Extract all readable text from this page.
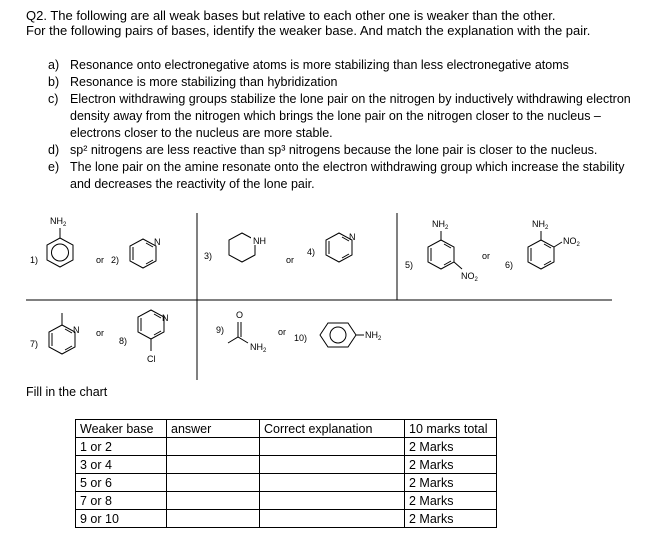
Q2. The following are all weak bases but relative to each other one is weaker than the other.
For the following pairs of bases, identify the weaker base. And match the explanation with the pair.
a) Resonance onto electronegative atoms is more stabilizing than less electronegative atoms
b) Resonance is more stabilizing than hybridization
c) Electron withdrawing groups stabilize the lone pair on the nitrogen by inductively withdrawing electron density away from the nitrogen which brings the lone pair on the nitrogen closer to the nucleus – electrons closer to the nucleus are more stable.
d) sp² nitrogens are less reactive than sp³ nitrogens because the lone pair is closer to the nucleus.
e) The lone pair on the amine resonate onto the electron withdrawing group which increase the stability and decreases the reactivity of the lone pair.
1)
$NH_2$
or 2)
N
3)
NH
or
4)
N
5)
$NH_2$
$NO_2$
or
6)
$NH_2$
$NO_2$
7)
N or
8)
N
Cl
9)
O
$NH_2$
or
10)	$NH_2$
Fill in the chart
Weaker base	answer	Correct explanation	10 marks total
1 or 2			2 Marks
3 or 4			2 Marks
5 or 6			2 Marks
7 or 8			2 Marks
9 or 10			2 Marks
